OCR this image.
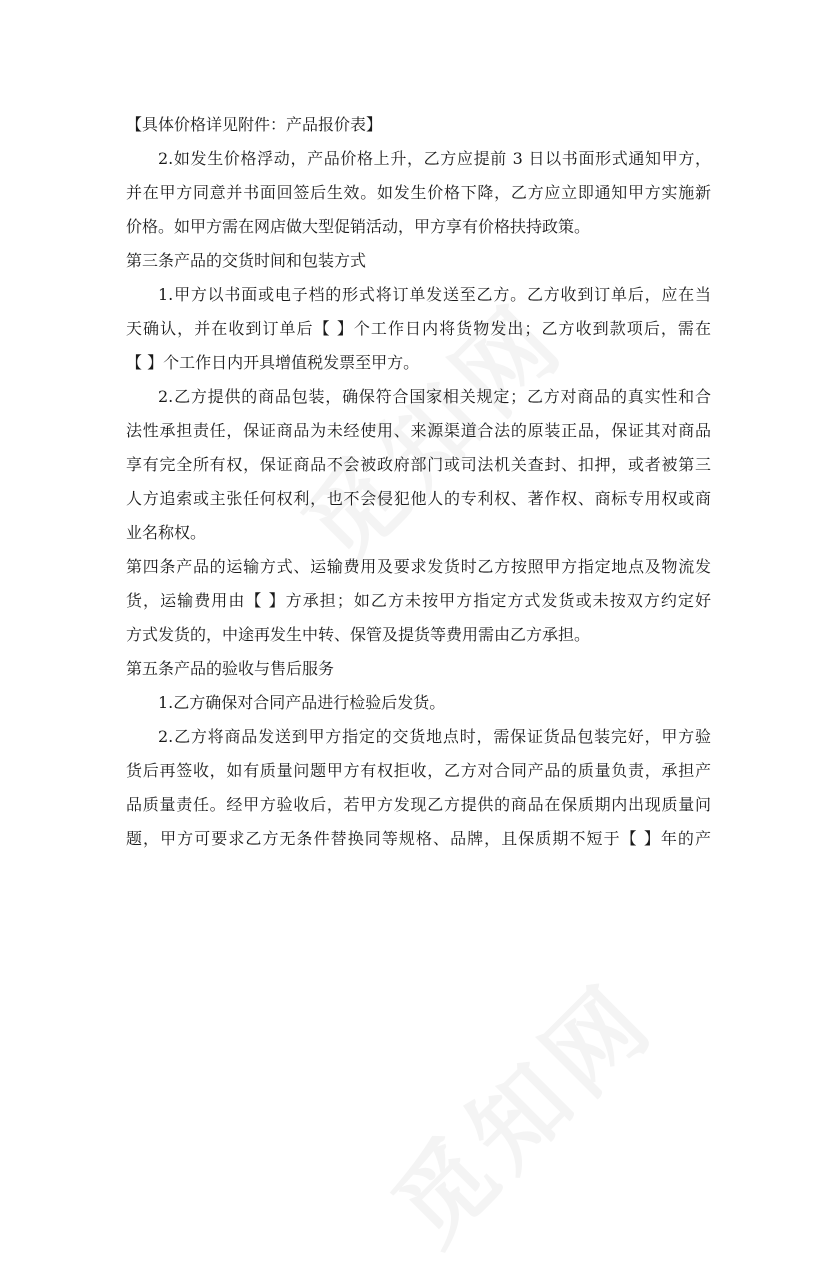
【具体价格详见附件：产品报价表】
2.如发生价格浮动，产品价格上升，乙方应提前 3 日以书面形式通知甲方，
并在甲方同意并书面回签后生效。如发生价格下降，乙方应立即通知甲方实施新
价格。如甲方需在网店做大型促销活动，甲方享有价格扶持政策。
第三条产品的交货时间和包装方式
1.甲方以书面或电子档的形式将订单发送至乙方。乙方收到订单后，应在当
天确认，并在收到订单后【 】个工作日内将货物发出；乙方收到款项后，需在
【 】个工作日内开具增值税发票至甲方。
2.乙方提供的商品包装，确保符合国家相关规定；乙方对商品的真实性和合
法性承担责任，保证商品为未经使用、来源渠道合法的原装正品，保证其对商品
享有完全所有权，保证商品不会被政府部门或司法机关查封、扣押，或者被第三
人方追索或主张任何权利，也不会侵犯他人的专利权、著作权、商标专用权或商
业名称权。
第四条产品的运输方式、运输费用及要求发货时乙方按照甲方指定地点及物流发
货，运输费用由【 】方承担；如乙方未按甲方指定方式发货或未按双方约定好
方式发货的，中途再发生中转、保管及提货等费用需由乙方承担。
第五条产品的验收与售后服务
1.乙方确保对合同产品进行检验后发货。
2.乙方将商品发送到甲方指定的交货地点时，需保证货品包装完好，甲方验
货后再签收，如有质量问题甲方有权拒收，乙方对合同产品的质量负责，承担产
品质量责任。经甲方验收后，若甲方发现乙方提供的商品在保质期内出现质量问
题，甲方可要求乙方无条件替换同等规格、品牌，且保质期不短于【 】年的产
